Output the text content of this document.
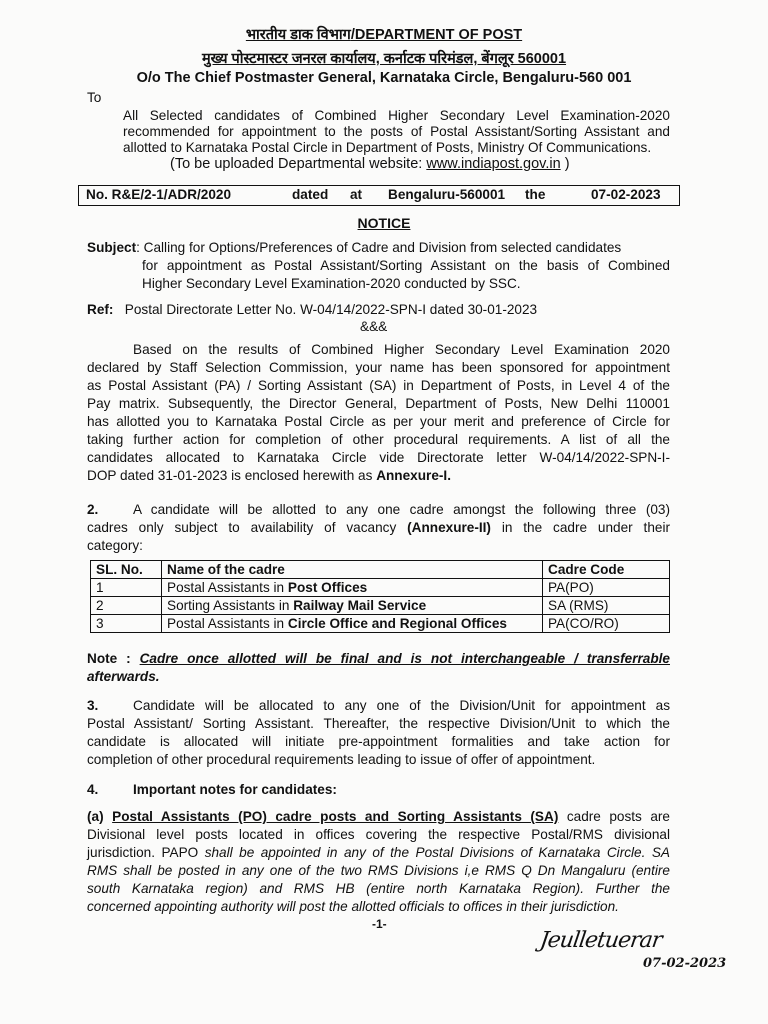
भारतीय डाक विभाग/DEPARTMENT OF POST
मुख्य पोस्टमास्टर जनरल कार्यालय, कर्नाटक परिमंडल, बेंगलूर 560001
O/o The Chief Postmaster General, Karnataka Circle, Bengaluru-560 001
To
All Selected candidates of Combined Higher Secondary Level Examination-2020
recommended for appointment to the posts of Postal Assistant/Sorting Assistant and
allotted to Karnataka Postal Circle in Department of Posts, Ministry Of Communications.
(To be uploaded Departmental website: www.indiapost.gov.in )
No. R&E/2-1/ADR/2020	dated at Bengaluru-560001 the	07-02-2023
NOTICE
Subject: Calling for Options/Preferences of Cadre and Division from selected candidates
for appointment as Postal Assistant/Sorting Assistant on the basis of Combined
Higher Secondary Level Examination-2020 conducted by SSC.
Ref: Postal Directorate Letter No. W-04/14/2022-SPN-I dated 30-01-2023
&&&
Based on the results of Combined Higher Secondary Level Examination 2020
declared by Staff Selection Commission, your name has been sponsored for appointment
as Postal Assistant (PA) / Sorting Assistant (SA) in Department of Posts, in Level 4 of the
Pay matrix. Subsequently, the Director General, Department of Posts, New Delhi 110001
has allotted you to Karnataka Postal Circle as per your merit and preference of Circle for
taking further action for completion of other procedural requirements. A list of all the
candidates allocated to Karnataka Circle vide Directorate letter W-04/14/2022-SPN-I-
DOP dated 31-01-2023 is enclosed herewith as Annexure-I.
2.	A candidate will be allotted to any one cadre amongst the following three (03)
cadres only subject to availability of vacancy (Annexure-II) in the cadre under their
category:
SL. No.	Name of the cadre	Cadre Code
1	Postal Assistants in Post Offices	PA(PO)
2	Sorting Assistants in Railway Mail Service	SA (RMS)
3	Postal Assistants in Circle Office and Regional Offices	PA(CO/RO)
Note : Cadre once allotted will be final and is not interchangeable / transferrable
afterwards.
3.	Candidate will be allocated to any one of the Division/Unit for appointment as
Postal Assistant/ Sorting Assistant. Thereafter, the respective Division/Unit to which the
candidate is allocated will initiate pre-appointment formalities and take action for
completion of other procedural requirements leading to issue of offer of appointment.
4.	Important notes for candidates:
(a) Postal Assistants (PO) cadre posts and Sorting Assistants (SA) cadre posts are
Divisional level posts located in offices covering the respective Postal/RMS divisional
jurisdiction. PAPO shall be appointed in any of the Postal Divisions of Karnataka Circle. SA
RMS shall be posted in any one of the two RMS Divisions i,e RMS Q Dn Mangaluru (entire
south Karnataka region) and RMS HB (entire north Karnataka Region). Further the
concerned appointing authority will post the allotted officials to offices in their jurisdiction.
-1-
Jeulletuerar
07-02-2023
